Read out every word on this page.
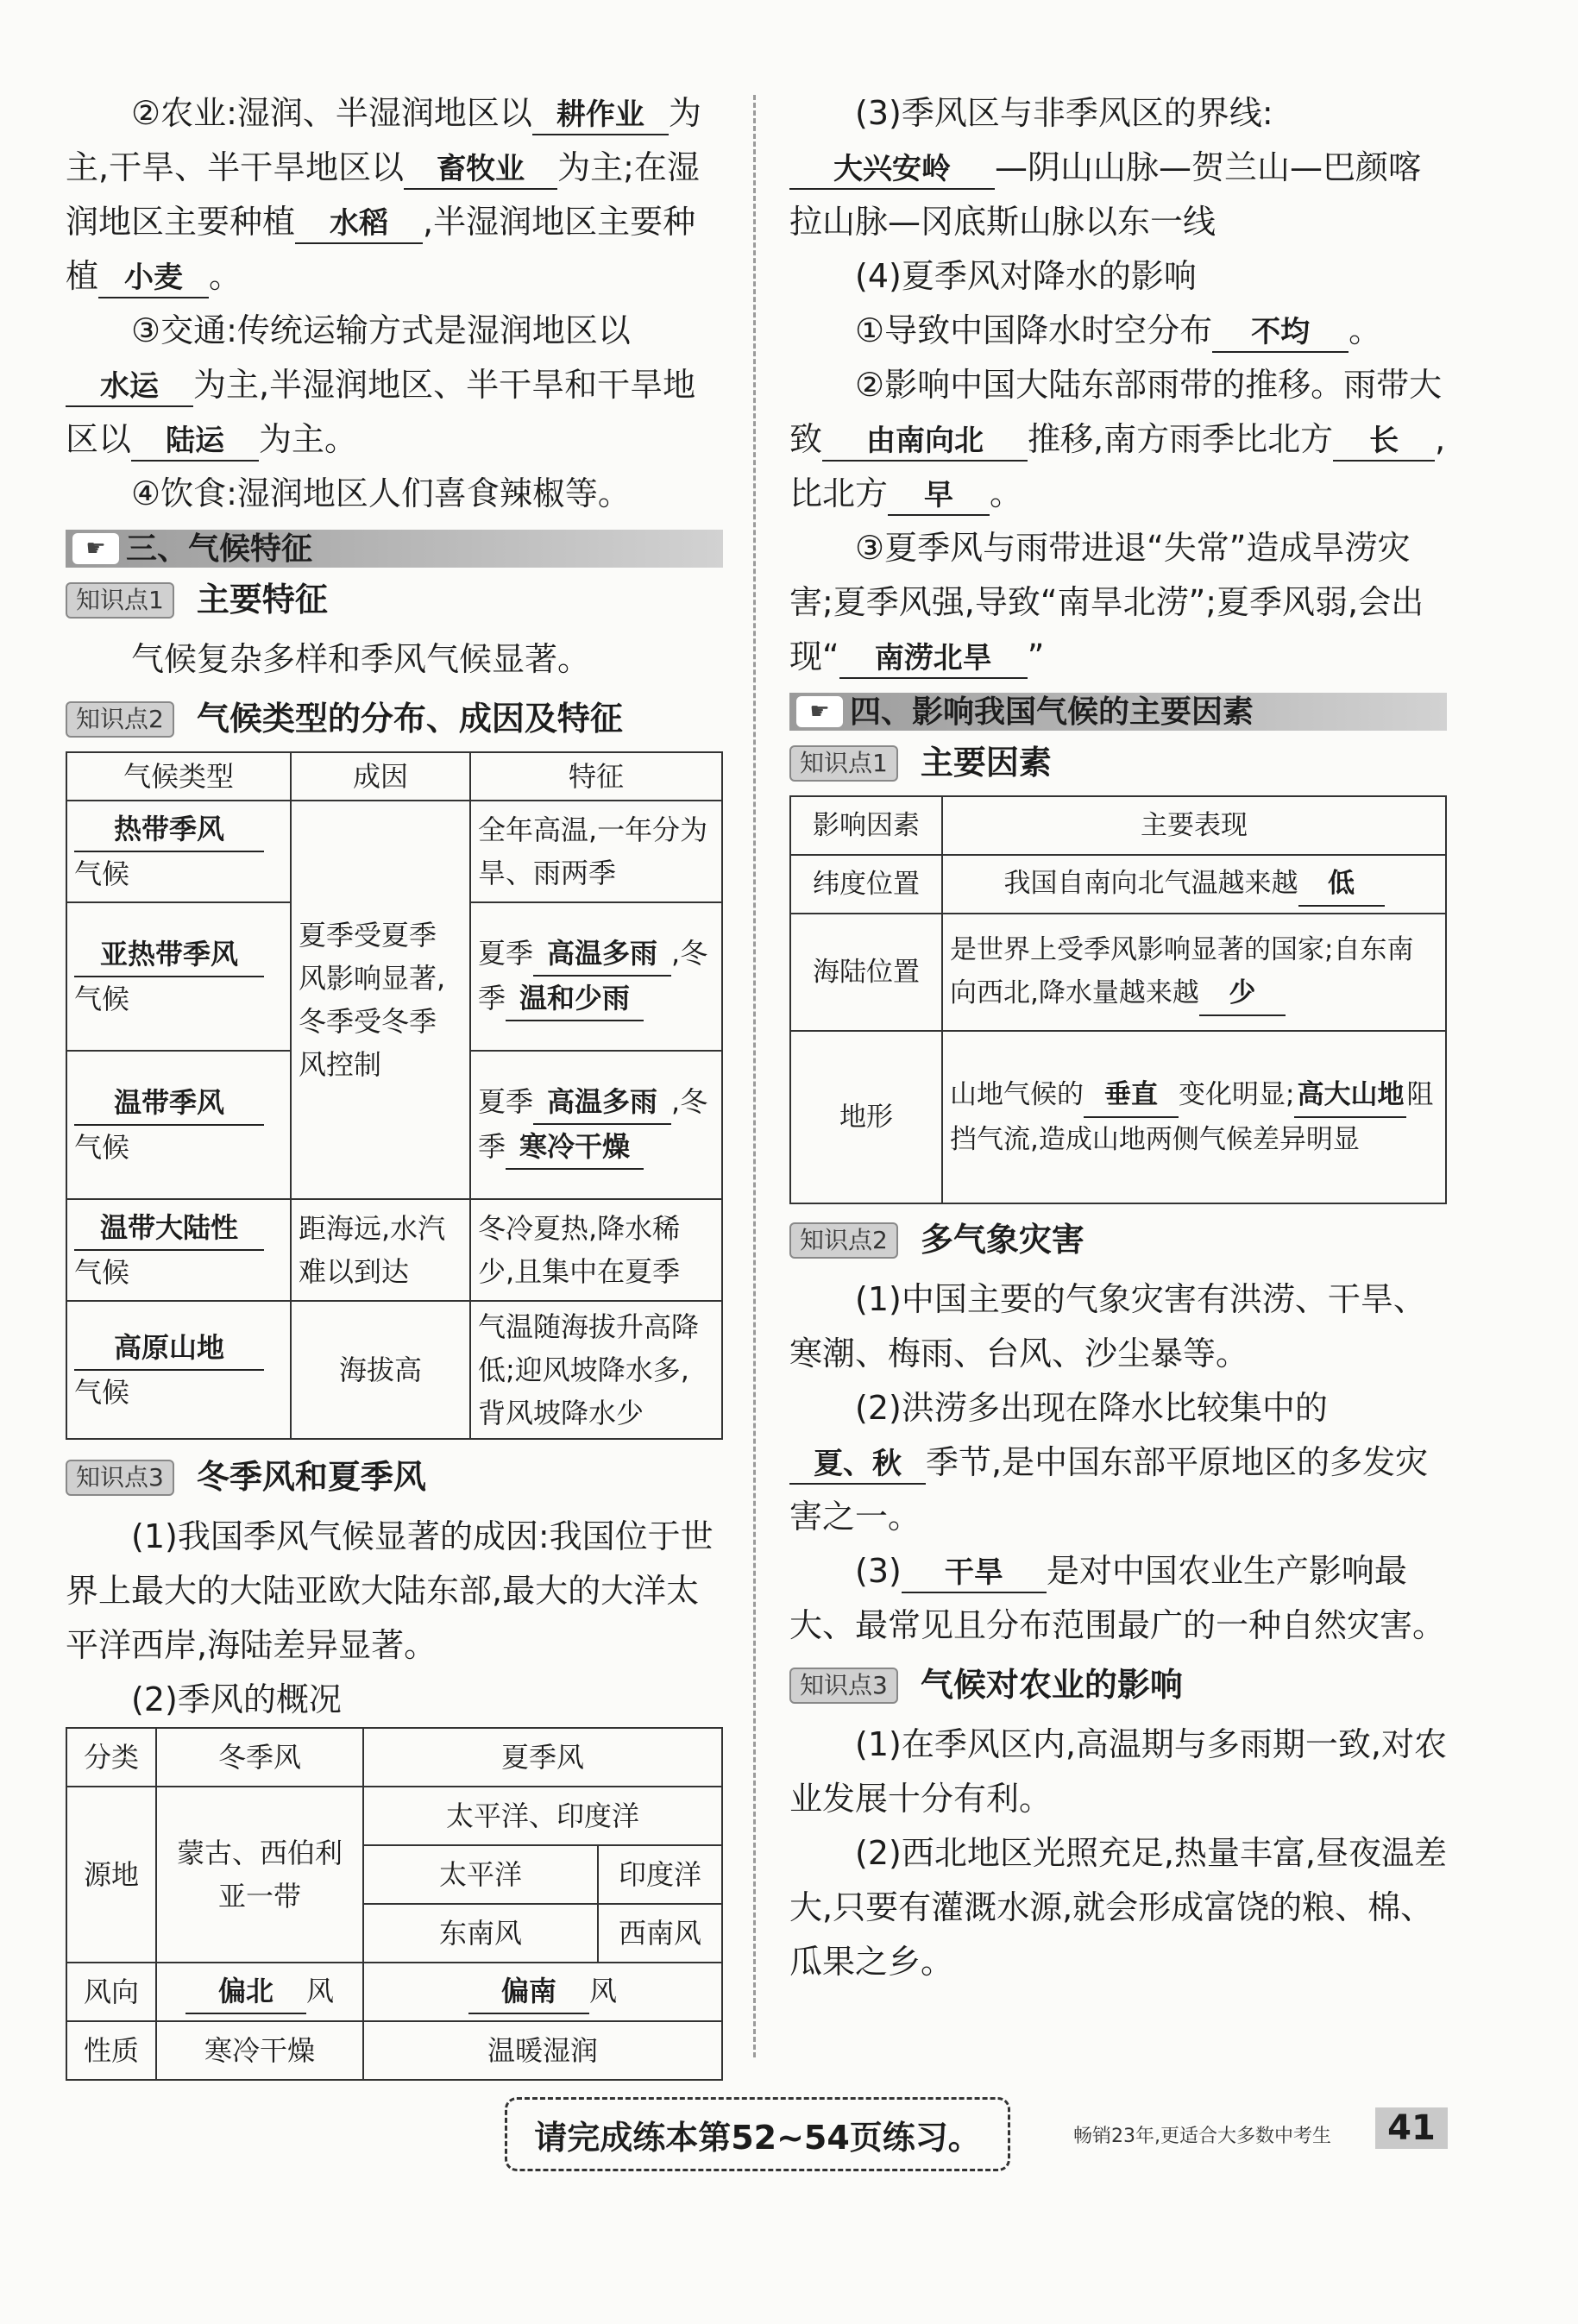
②农业:湿润、半湿润地区以 耕作业 为主,干旱、半干旱地区以 畜牧业 为主;在湿润地区主要种植 水稻 ,半湿润地区主要种植 小麦 。

③交通:传统运输方式是湿润地区以水运 为主,半湿润地区、半干旱和干旱地区以 陆运 为主。

④饮食:湿润地区人们喜食辣椒等。

☛ 三、气候特征
知识点1	主要特征

气候复杂多样和季风气候显著。

知识点2	气候类型的分布、成因及特征
气候类型	成因	特征
热带季风
气候	夏季受夏季风影响显著,冬季受冬季风控制	全年高温,一年分为旱、雨两季
亚热带季风
气候		夏季 高温多雨 ,冬季 温和少雨
温带季风
气候		夏季 高温多雨 ,冬季 寒冷干燥
温带大陆性
气候	距海远,水汽难以到达	冬冷夏热,降水稀少,且集中在夏季
高原山地
气候	海拔高	气温随海拔升高降低;迎风坡降水多,背风坡降水少
知识点3	冬季风和夏季风

(1)我国季风气候显著的成因:我国位于世界上最大的大陆亚欧大陆东部,最大的大洋太平洋西岸,海陆差异显著。

(2)季风的概况

分类	冬季风	夏季风	
源地	蒙古、西伯利亚一带	太平洋、印度洋	
		太平洋	印度洋
		东南风	西南风
风向	偏北 风	偏南 风	
性质	寒冷干燥	温暖湿润	

(3)季风区与非季风区的界线:大兴安岭 —阴山山脉—贺兰山—巴颜喀拉山脉—冈底斯山脉以东一线

(4)夏季风对降水的影响

①导致中国降水时空分布 不均 。

②影响中国大陆东部雨带的推移。雨带大致 由南向北 推移,南方雨季比北方 长 ,比北方 早 。

③夏季风与雨带进退“失常”造成旱涝灾害;夏季风强,导致“南旱北涝”;夏季风弱,会出现“ 南涝北旱 ”

☛ 四、影响我国气候的主要因素
知识点1	主要因素
影响因素	主要表现
纬度位置	我国自南向北气温越来越 低
海陆位置	是世界上受季风影响显著的国家;自东南向西北,降水量越来越 少
地形	山地气候的 垂直 变化明显;高大山地阻挡气流,造成山地两侧气候差异明显
知识点2	多气象灾害

(1)中国主要的气象灾害有洪涝、干旱、寒潮、梅雨、台风、沙尘暴等。

(2)洪涝多出现在降水比较集中的夏、秋 季节,是中国东部平原地区的多发灾害之一。

(3) 干旱 是对中国农业生产影响最大、最常见且分布范围最广的一种自然灾害。

知识点3	气候对农业的影响

(1)在季风区内,高温期与多雨期一致,对农业发展十分有利。

(2)西北地区光照充足,热量丰富,昼夜温差大,只要有灌溉水源,就会形成富饶的粮、棉、瓜果之乡。

请完成练本第52~54页练习。	畅销23年,更适合大多数中考生	41
